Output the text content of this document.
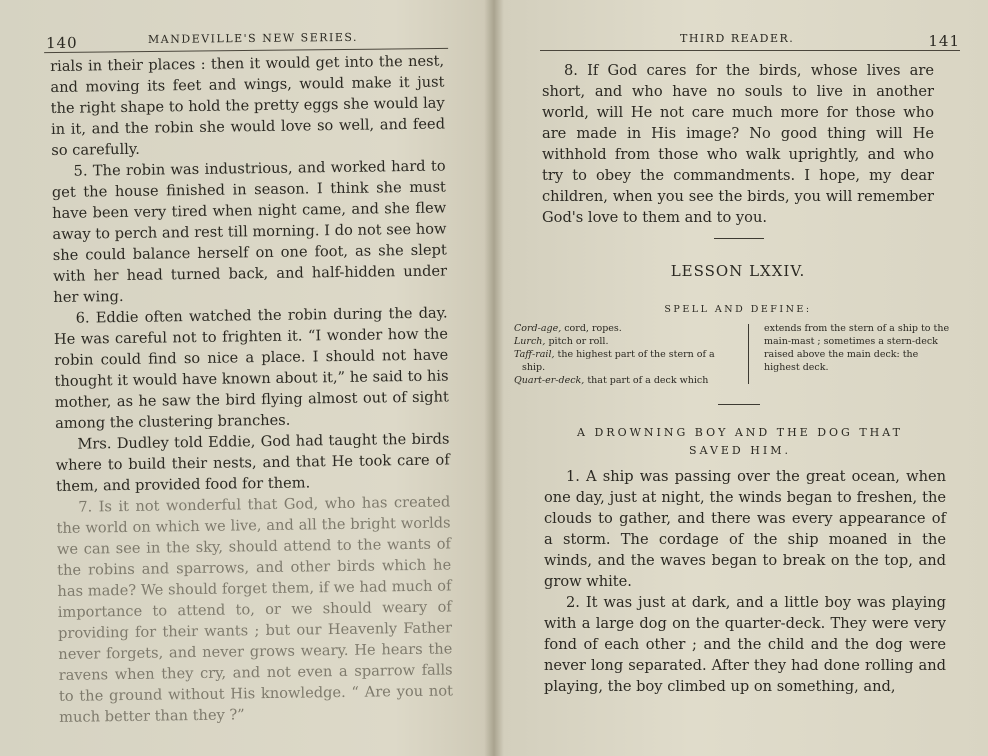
140	MANDEVILLE'S NEW SERIES.

rials in their places : then it would get into the nest, and moving its feet and wings, would make it just the right shape to hold the pretty eggs she would lay in it, and the robin she would love so well, and feed so carefully.

5. The robin was industrious, and worked hard to get the house finished in season. I think she must have been very tired when night came, and she flew away to perch and rest till morning. I do not see how she could balance herself on one foot, as she slept with her head turned back, and half-hidden under her wing.

6. Eddie often watched the robin during the day. He was careful not to frighten it. “I wonder how the robin could find so nice a place. I should not have thought it would have known about it,” he said to his mother, as he saw the bird flying almost out of sight among the clustering branches.

Mrs. Dudley told Eddie, God had taught the birds where to build their nests, and that He took care of them, and provided food for them.

7. Is it not wonderful that God, who has created the world on which we live, and all the bright worlds we can see in the sky, should attend to the wants of the robins and sparrows, and other birds which he has made? We should forget them, if we had much of importance to attend to, or we should weary of providing for their wants ; but our Heavenly Father never forgets, and never grows weary. He hears the ravens when they cry, and not even a sparrow falls to the ground without His knowledge. “ Are you not much better than they ?”

THIRD READER.	141

8. If God cares for the birds, whose lives are short, and who have no souls to live in another world, will He not care much more for those who are made in His image? No good thing will He withhold from those who walk uprightly, and who try to obey the commandments. I hope, my dear children, when you see the birds, you will remember God's love to them and to you.

LESSON LXXIV.
SPELL AND DEFINE:
Cord-age, cord, ropes.
Lurch, pitch or roll.
Taff-rail, the highest part of the stern of a ship.
Quart-er-deck, that part of a deck which
extends from the stern of a ship to the main-mast ; sometimes a stern-deck raised above the main deck: the highest deck.
A DROWNING BOY AND THE DOG THAT
SAVED HIM.

1. A ship was passing over the great ocean, when one day, just at night, the winds began to freshen, the clouds to gather, and there was every appearance of a storm. The cordage of the ship moaned in the winds, and the waves began to break on the top, and grow white.

2. It was just at dark, and a little boy was playing with a large dog on the quarter-deck. They were very fond of each other ; and the child and the dog were never long separated. After they had done rolling and playing, the boy climbed up on something, and,
